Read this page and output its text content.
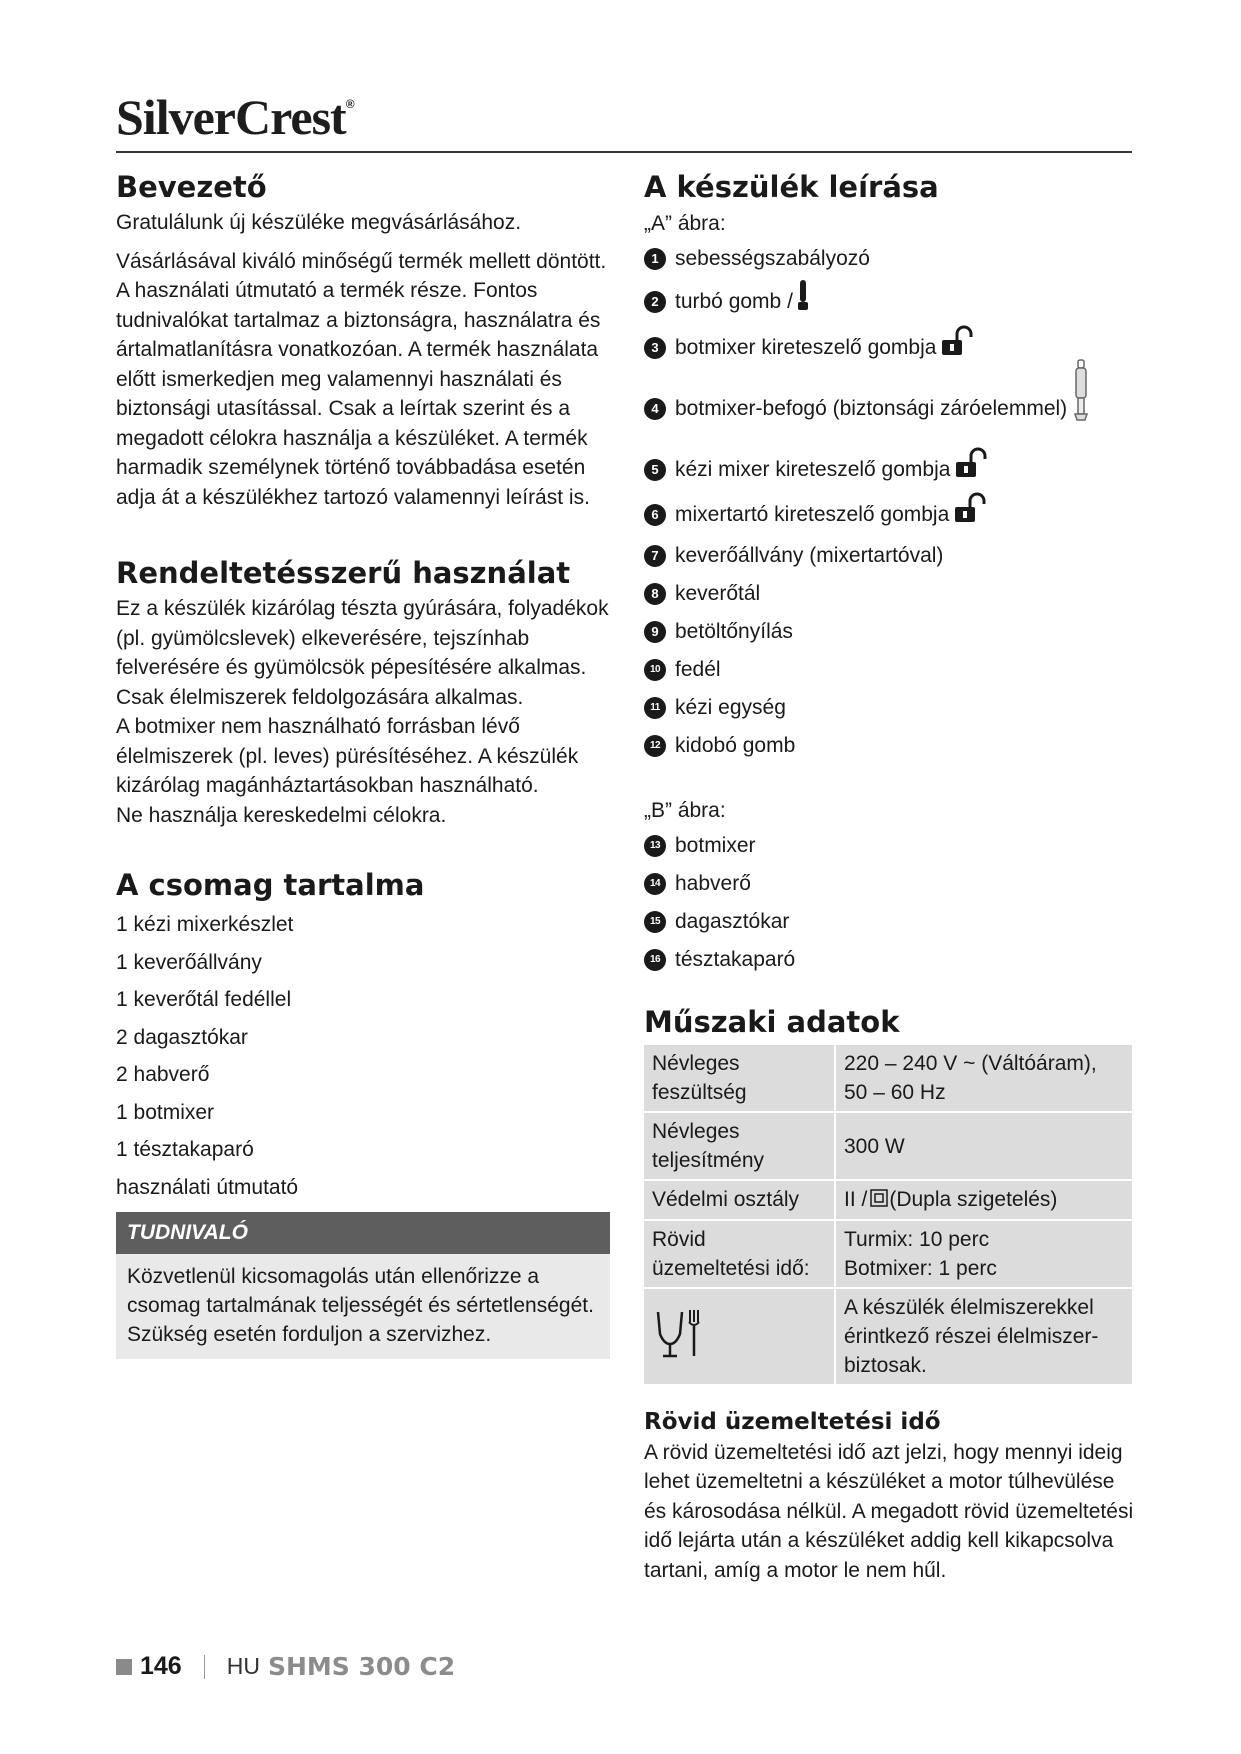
SilverCrest®
Bevezető

Gratulálunk új készüléke megvásárlásához.

Vásárlásával kiváló minőségű termék mellett döntött. A használati útmutató a termék része. Fontos tudnivalókat tartalmaz a biztonságra, használatra és ártalmatlanításra vonatkozóan. A termék használata előtt ismerkedjen meg valamennyi használati és biztonsági utasítással. Csak a leírtak szerint és a megadott célokra használja a készüléket. A termék harmadik személynek történő továbbadása esetén adja át a készülékhez tartozó valamennyi leírást is.

Rendeltetésszerű használat

Ez a készülék kizárólag tészta gyúrására, folyadékok (pl. gyümölcslevek) elkeverésére, tejszínhab felverésére és gyümölcsök pépesítésére alkalmas. Csak élelmiszerek feldolgozására alkalmas.

A botmixer nem használható forrásban lévő élelmiszerek (pl. leves) pürésítéséhez. A készülék kizárólag magánháztartásokban használható.

Ne használja kereskedelmi célokra.

A csomag tartalma
1 kézi mixerkészlet
1 keverőállvány
1 keverőtál fedéllel
2 dagasztókar
2 habverő
1 botmixer
1 tésztakaparó
használati útmutató
TUDNIVALÓ
Közvetlenül kicsomagolás után ellenőrizze a csomag tartalmának teljességét és sértetlenségét. Szükség esetén forduljon a szervizhez.
A készülék leírása
„A” ábra:
1 sebességszabályozó
2 turbó gomb /
3 botmixer kireteszelő gombja
4 botmixer-befogó (biztonsági záróelemmel)
5 kézi mixer kireteszelő gombja
6 mixertartó kireteszelő gombja
7 keverőállvány (mixertartóval)
8 keverőtál
9 betöltőnyílás
10 fedél
11 kézi egység
12 kidobó gomb
„B” ábra:
13 botmixer
14 habverő
15 dagasztókar
16 tésztakaparó
Műszaki adatok
Névleges feszültség	220 – 240 V ~ (Váltóáram), 50 – 60 Hz
Névleges teljesítmény	300 W
Védelmi osztály	II / (Dupla szigetelés)
Rövid üzemeltetési idő:	Turmix: 10 perc
Botmixer: 1 perc

	A készülék élelmiszerekkel érintkező részei élelmiszer-biztosak.
Rövid üzemeltetési idő

A rövid üzemeltetési idő azt jelzi, hogy mennyi ideig lehet üzemeltetni a készüléket a motor túlhevülése és károsodása nélkül. A megadott rövid üzemeltetési idő lejárta után a készüléket addig kell kikapcsolva tartani, amíg a motor le nem hűl.

146 HU SHMS 300 C2
